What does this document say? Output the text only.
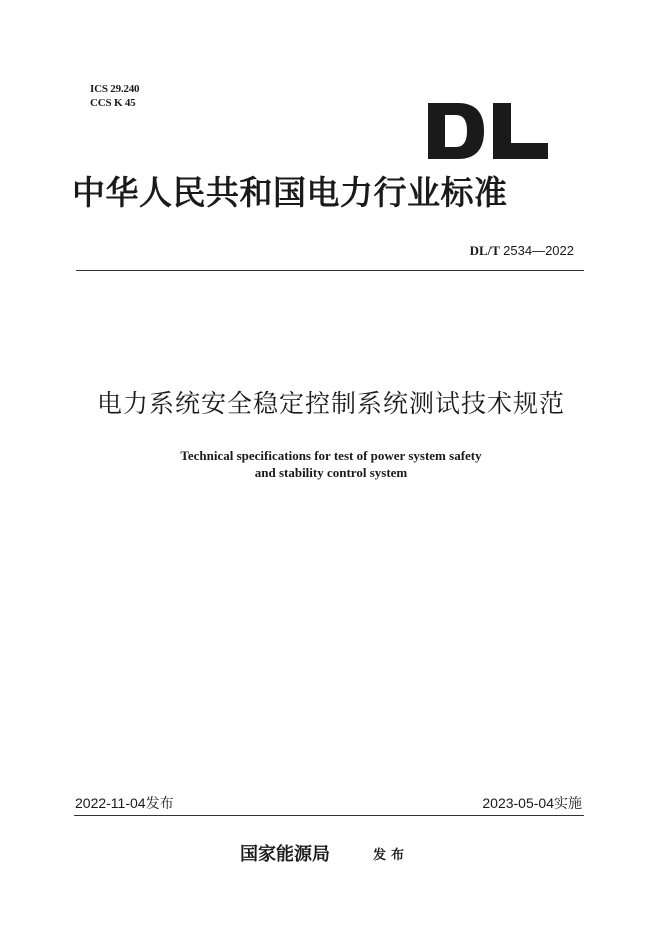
ICS 29.240
CCS K 45
中华人民共和国电力行业标准
DL/T 2534—2022
电力系统安全稳定控制系统测试技术规范
Technical specifications for test of power system safety
and stability control system
2022-11-04发布	2023-05-04实施
国家能源局	发布
